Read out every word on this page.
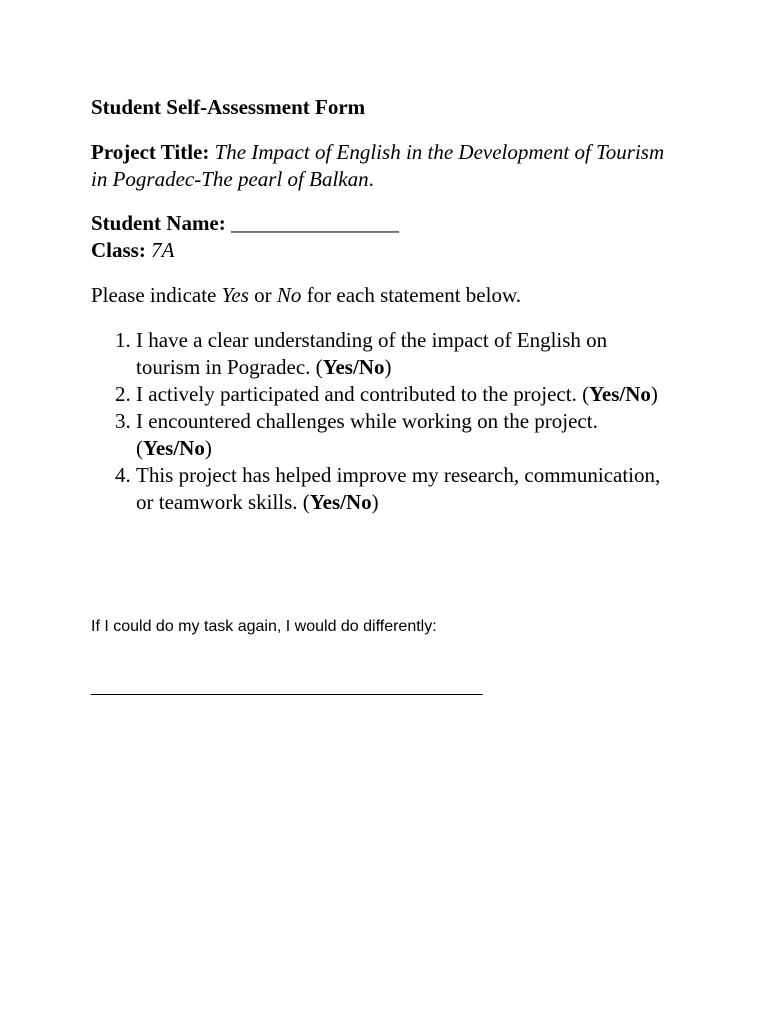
Student Self-Assessment Form
Project Title: The Impact of English in the Development of Tourism in Pogradec-The pearl of Balkan.
Student Name: ________________
Class: 7A
Please indicate Yes or No for each statement below.
1. I have a clear understanding of the impact of English on tourism in Pogradec. (Yes/No)
2. I actively participated and contributed to the project. (Yes/No)
3. I encountered challenges while working on the project. (Yes/No)
4. This project has helped improve my research, communication, or teamwork skills. (Yes/No)
If I could do my task again, I would do differently:
____________________________________________
